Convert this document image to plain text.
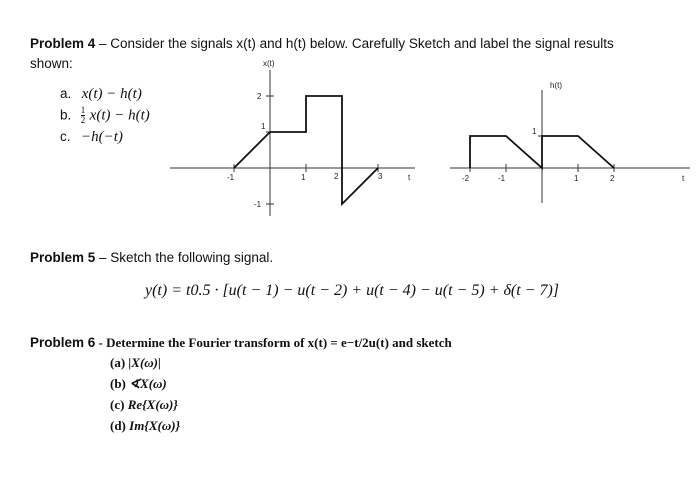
Problem 4 – Consider the signals x(t) and h(t) below. Carefully Sketch and label the signal results
shown:
a. x(t) − h(t)
b. $\frac{1}{2} x(t) - h(t)$
c. −h(−t)
x(t)
2
1
-1
-1	1	2	3	t
h(t)
1
-2	-1	1	2	t
Problem 5 – Sketch the following signal.
y(t) = t0.5 · [u(t − 1) − u(t − 2) + u(t − 4) − u(t − 5) + δ(t − 7)]
Problem 6 - Determine the Fourier transform of x(t) = e−t/2u(t) and sketch
(a) |X(ω)|
(b) ∢X(ω)
(c) Re{X(ω)}
(d) Im{X(ω)}
